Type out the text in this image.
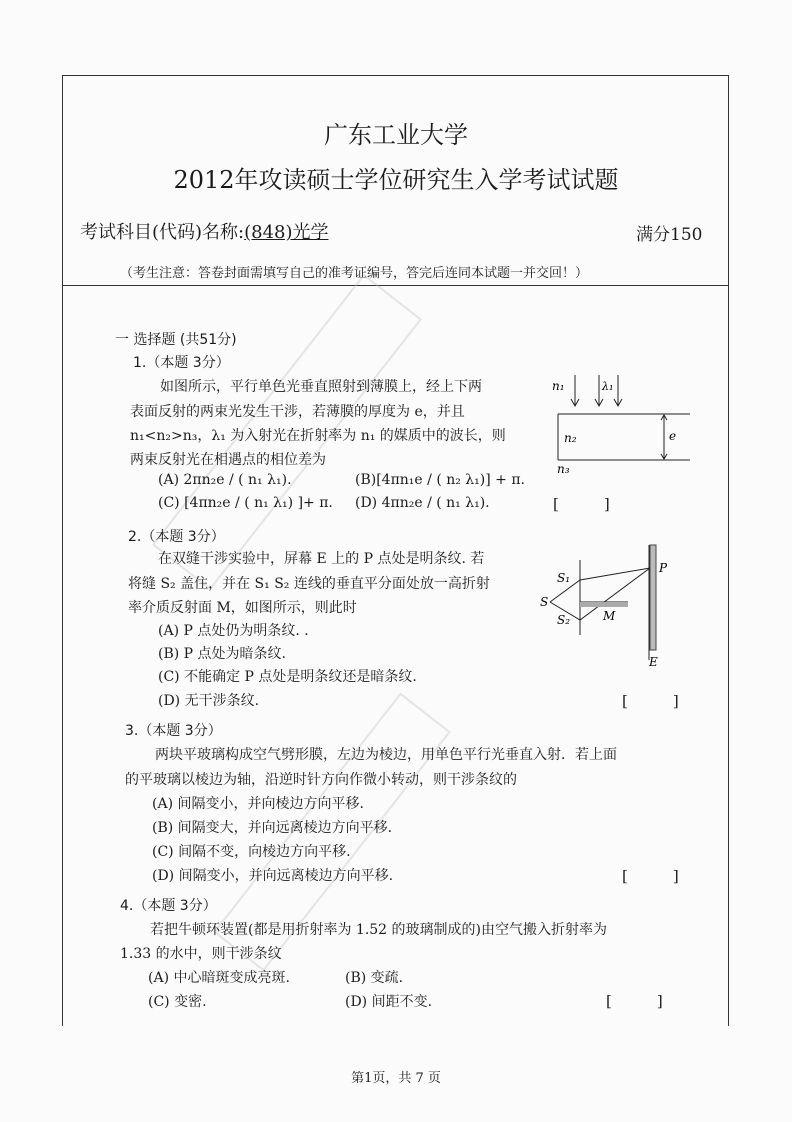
广东工业大学
2012年攻读硕士学位研究生入学考试试题
考试科目(代码)名称:(848)光学	满分150
（考生注意：答卷封面需填写自己的准考证编号，答完后连同本试题一并交回！）
一 选择题 (共51分)
1.（本题 3分）
如图所示，平行单色光垂直照射到薄膜上，经上下两
表面反射的两束光发生干涉，若薄膜的厚度为 e，并且
n₁<n₂>n₃，λ₁ 为入射光在折射率为 n₁ 的媒质中的波长，则
两束反射光在相遇点的相位差为
(A) 2πn₂e / ( n₁ λ₁).	(B)[4πn₁e / ( n₂ λ₁)] + π.
(C) [4πn₂e / ( n₁ λ₁) ]+ π. (D) 4πn₂e / ( n₁ λ₁).	[　　　]
n₁	λ₁
n₂	e
n₃
2.（本题 3分）
在双缝干涉实验中，屏幕 E 上的 P 点处是明条纹. 若
将缝 S₂ 盖住，并在 S₁ S₂ 连线的垂直平分面处放一高折射
率介质反射面 M，如图所示，则此时
(A) P 点处仍为明条纹. .
(B) P 点处为暗条纹.
(C) 不能确定 P 点处是明条纹还是暗条纹.
(D) 无干涉条纹.	[　　　]
S₁
S
S₂	M
P
E
3.（本题 3分）
两块平玻璃构成空气劈形膜，左边为棱边，用单色平行光垂直入射．若上面
的平玻璃以棱边为轴，沿逆时针方向作微小转动，则干涉条纹的
(A) 间隔变小，并向棱边方向平移.
(B) 间隔变大，并向远离棱边方向平移.
(C) 间隔不变，向棱边方向平移.
(D) 间隔变小，并向远离棱边方向平移.	[　　　]
4.（本题 3分）
若把牛顿环装置(都是用折射率为 1.52 的玻璃制成的)由空气搬入折射率为
1.33 的水中，则干涉条纹
(A) 中心暗斑变成亮斑.	(B) 变疏.
(C) 变密.	(D) 间距不变.	[　　　]
第1页，共 7 页
